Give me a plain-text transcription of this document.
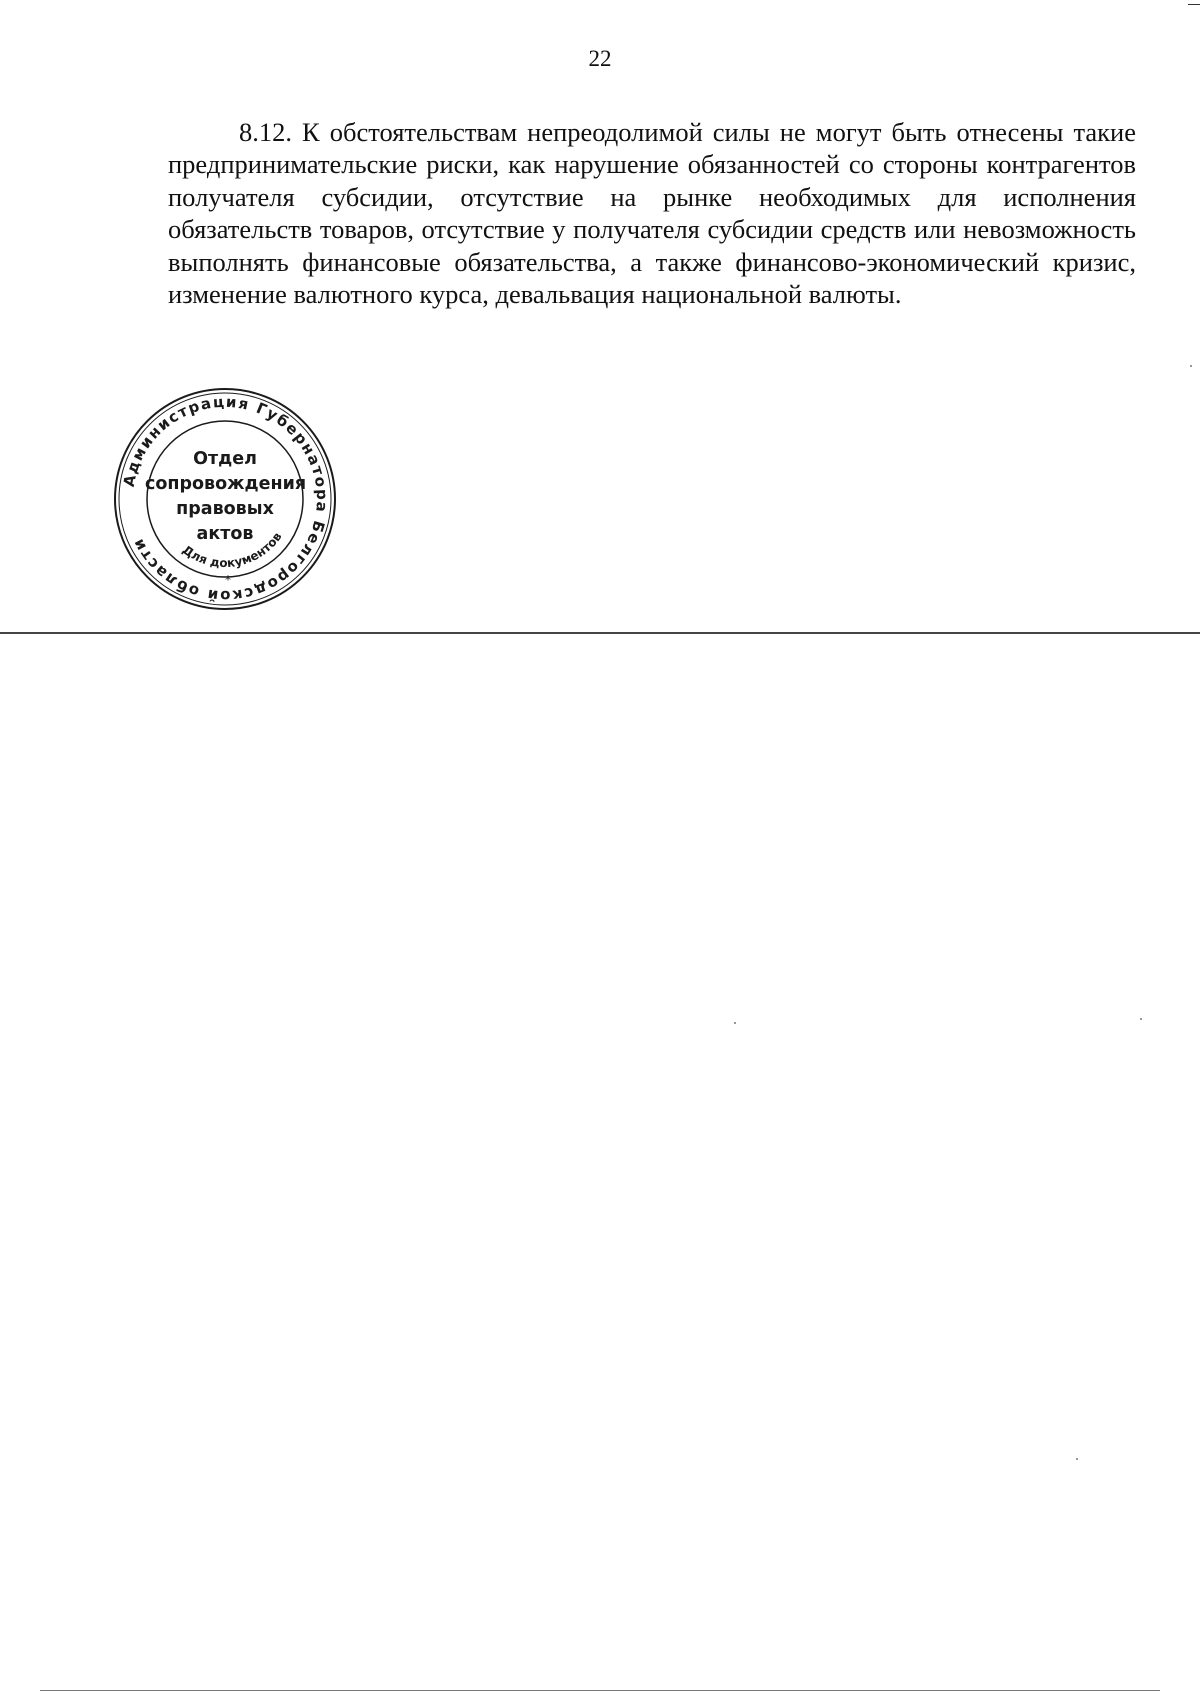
22

8.12. К обстоятельствам непреодолимой силы не могут быть отнесены такие предпринимательские риски, как нарушение обязанностей со стороны контрагентов получателя субсидии, отсутствие на рынке необходимых для исполнения обязательств товаров, отсутствие у получателя субсидии средств или невозможность выполнять финансовые обязательства, а также финансово-экономический кризис, изменение валютного курса, девальвация национальной валюты.

Администрация Губернатора Белгородской области	Для документов
*
Отдел
сопровождения
правовых
актов
